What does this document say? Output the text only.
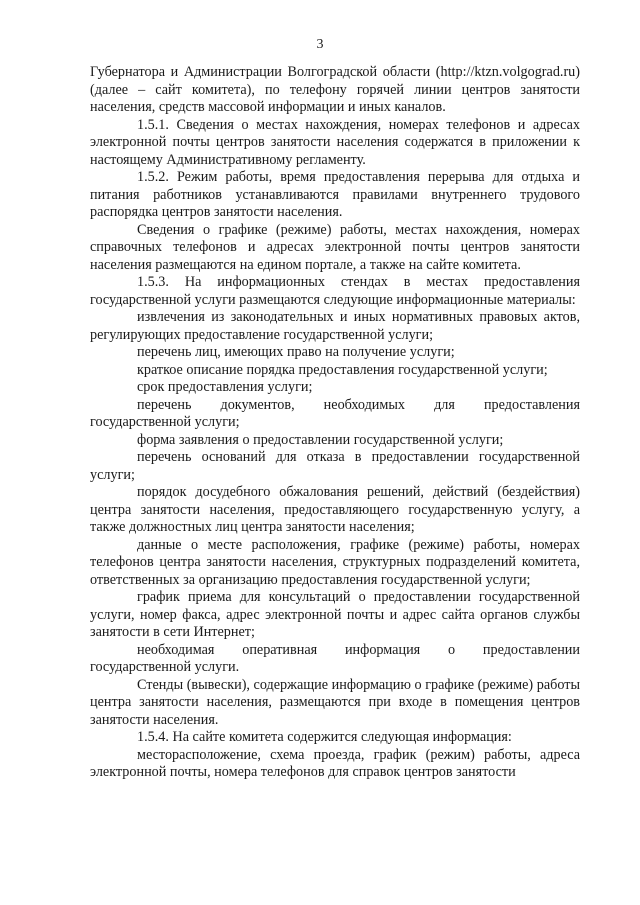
3

Губернатора и Администрации Волгоградской области (http://ktzn.volgograd.ru) (далее – сайт комитета), по телефону горячей линии центров занятости населения, средств массовой информации и иных каналов.

1.5.1. Сведения о местах нахождения, номерах телефонов и адресах электронной почты центров занятости населения содержатся в приложении к настоящему Административному регламенту.

1.5.2. Режим работы, время предоставления перерыва для отдыха и питания работников устанавливаются правилами внутреннего трудового распорядка центров занятости населения.

Сведения о графике (режиме) работы, местах нахождения, номерах справочных телефонов и адресах электронной почты центров занятости населения размещаются на едином портале, а также на сайте комитета.

1.5.3. На информационных стендах в местах предоставления государственной услуги размещаются следующие информационные материалы:

извлечения из законодательных и иных нормативных правовых актов, регулирующих предоставление государственной услуги;

перечень лиц, имеющих право на получение услуги;

краткое описание порядка предоставления государственной услуги;

срок предоставления услуги;

перечень документов, необходимых для предоставления государственной услуги;

форма заявления о предоставлении государственной услуги;

перечень оснований для отказа в предоставлении государственной услуги;

порядок досудебного обжалования решений, действий (бездействия) центра занятости населения, предоставляющего государственную услугу, а также должностных лиц центра занятости населения;

данные о месте расположения, графике (режиме) работы, номерах телефонов центра занятости населения, структурных подразделений комитета, ответственных за организацию предоставления государственной услуги;

график приема для консультаций о предоставлении государственной услуги, номер факса, адрес электронной почты и адрес сайта органов службы занятости в сети Интернет;

необходимая оперативная информация о предоставлении государственной услуги.

Стенды (вывески), содержащие информацию о графике (режиме) работы центра занятости населения, размещаются при входе в помещения центров занятости населения.

1.5.4. На сайте комитета содержится следующая информация:

месторасположение, схема проезда, график (режим) работы, адреса электронной почты, номера телефонов для справок центров занятости
